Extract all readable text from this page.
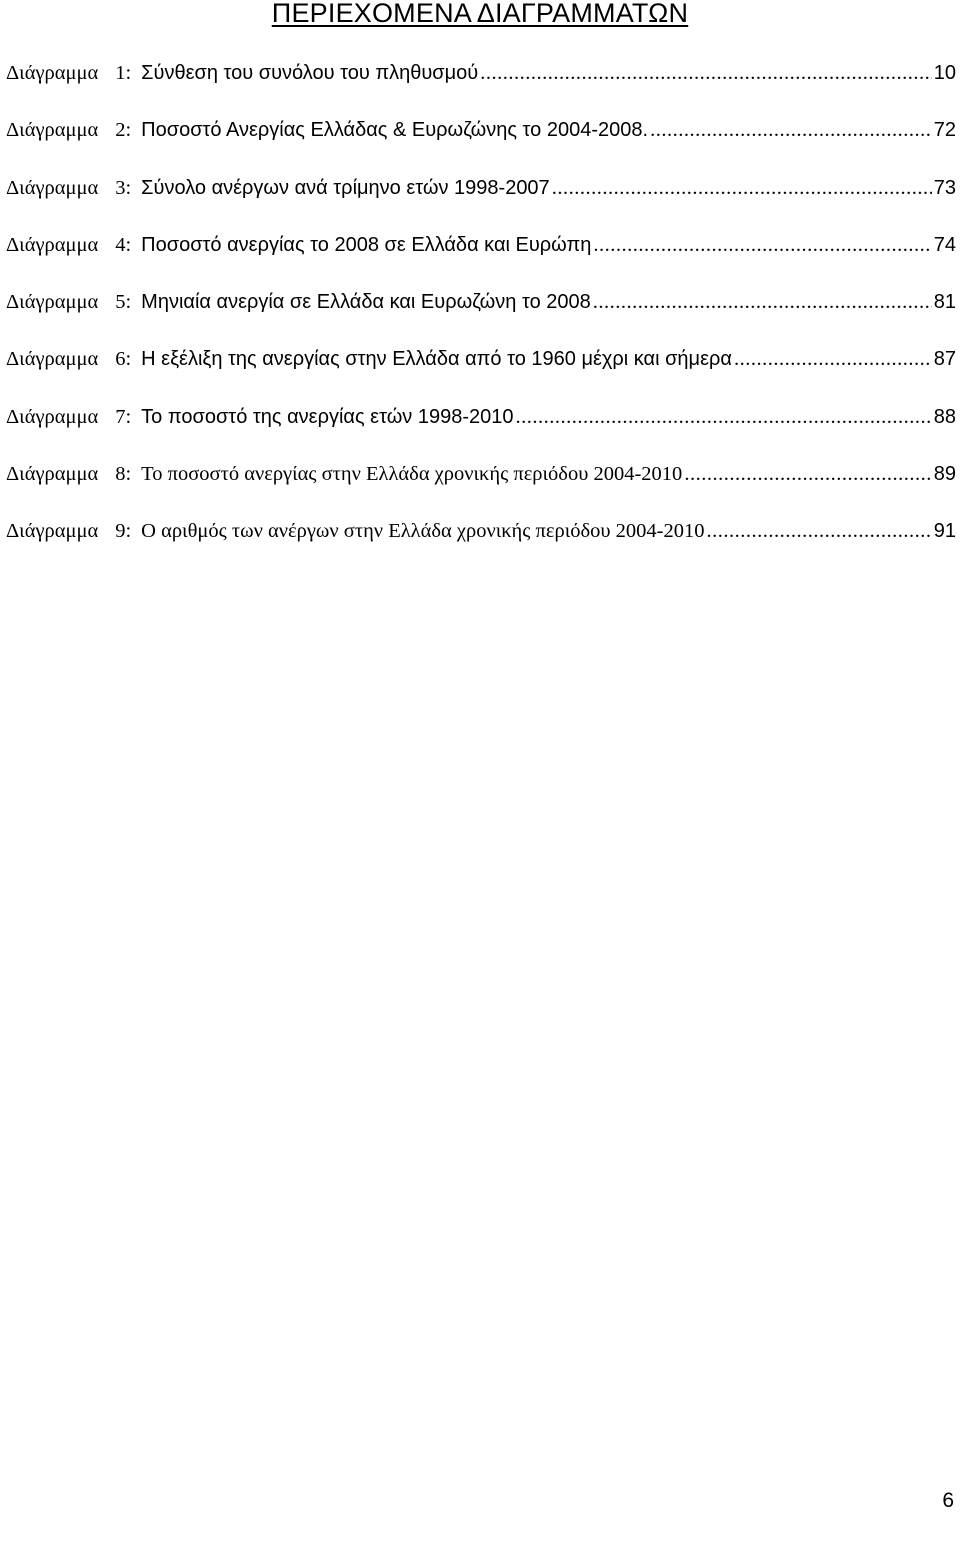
ΠΕΡΙΕΧΟΜΕΝΑ ΔΙΑΓΡΑΜΜΑΤΩΝ
Διάγραμμα 1: Σύνθεση του συνόλου του πληθυσμού .....	10
Διάγραμμα 2: Ποσοστό Ανεργίας Ελλάδας & Ευρωζώνης το 2004-2008. .....	72
Διάγραμμα 3: Σύνολο ανέργων ανά τρίμηνο ετών 1998-2007 .....	73
Διάγραμμα 4: Ποσοστό ανεργίας το 2008 σε Ελλάδα και Ευρώπη .....	74
Διάγραμμα 5: Μηνιαία ανεργία σε Ελλάδα και Ευρωζώνη το 2008 .....	81
Διάγραμμα 6: Η εξέλιξη της ανεργίας στην Ελλάδα από το 1960 μέχρι και σήμερα .....	87
Διάγραμμα 7: Το ποσοστό της ανεργίας ετών 1998-2010 .....	88
Διάγραμμα 8: Το ποσοστό ανεργίας στην Ελλάδα χρονικής περιόδου 2004-2010 .....	89
Διάγραμμα 9: Ο αριθμός των ανέργων στην Ελλάδα χρονικής περιόδου 2004-2010 .....	91
6
